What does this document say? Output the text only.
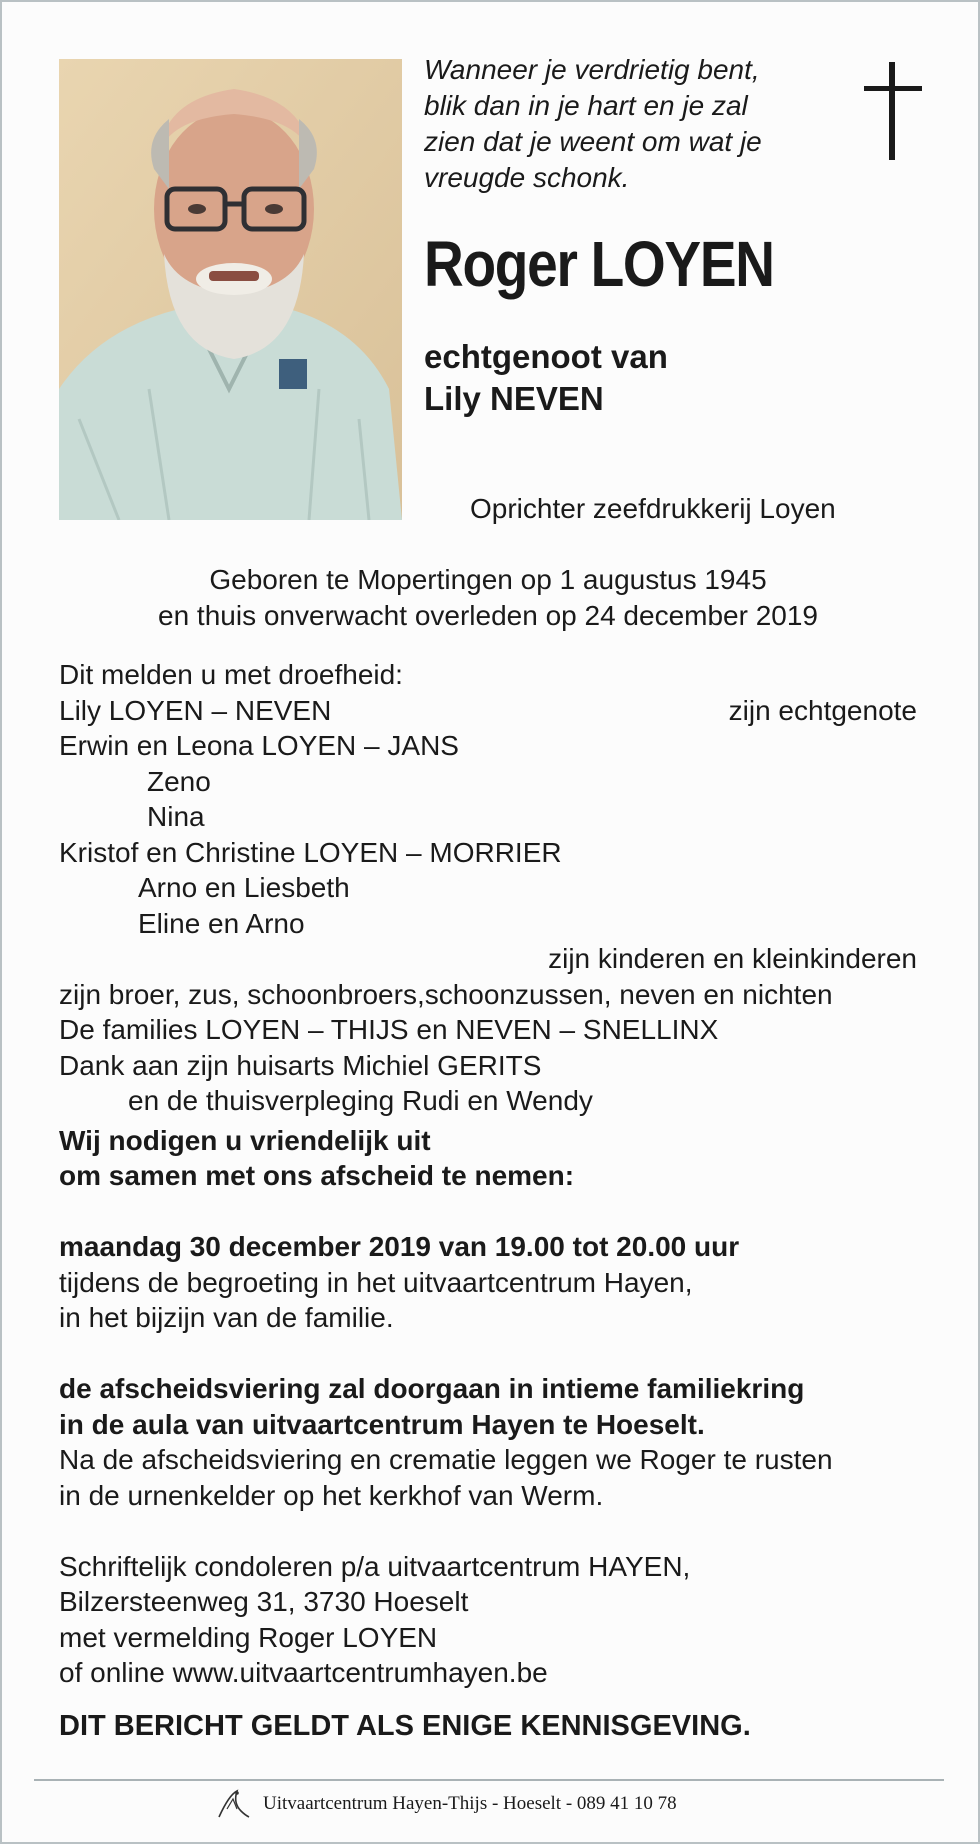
Wanneer je verdrietig bent,
blik dan in je hart en je zal
zien dat je weent om wat je
vreugde schonk.
Roger LOYEN
echtgenoot van
Lily NEVEN
Oprichter zeefdrukkerij Loyen
Geboren te Mopertingen op 1 augustus 1945
en thuis onverwacht overleden op 24 december 2019
Dit melden u met droefheid:
Lily LOYEN – NEVEN	zijn echtgenote
Erwin en Leona LOYEN – JANS
Zeno
Nina
Kristof en Christine LOYEN – MORRIER
Arno en Liesbeth
Eline en Arno
zijn kinderen en kleinkinderen
zijn broer, zus, schoonbroers,schoonzussen, neven en nichten
De families LOYEN – THIJS en NEVEN – SNELLINX
Dank aan zijn huisarts Michiel GERITS
en de thuisverpleging Rudi en Wendy
Wij nodigen u vriendelijk uit
om samen met ons afscheid te nemen:
maandag 30 december 2019 van 19.00 tot 20.00 uur
tijdens de begroeting in het uitvaartcentrum Hayen,
in het bijzijn van de familie.
de afscheidsviering zal doorgaan in intieme familiekring
in de aula van uitvaartcentrum Hayen te Hoeselt.
Na de afscheidsviering en crematie leggen we Roger te rusten
in de urnenkelder op het kerkhof van Werm.
Schriftelijk condoleren p/a uitvaartcentrum HAYEN,
Bilzersteenweg 31, 3730 Hoeselt
met vermelding Roger LOYEN
of online www.uitvaartcentrumhayen.be
DIT BERICHT GELDT ALS ENIGE KENNISGEVING.
Uitvaartcentrum Hayen-Thijs - Hoeselt - 089 41 10 78
